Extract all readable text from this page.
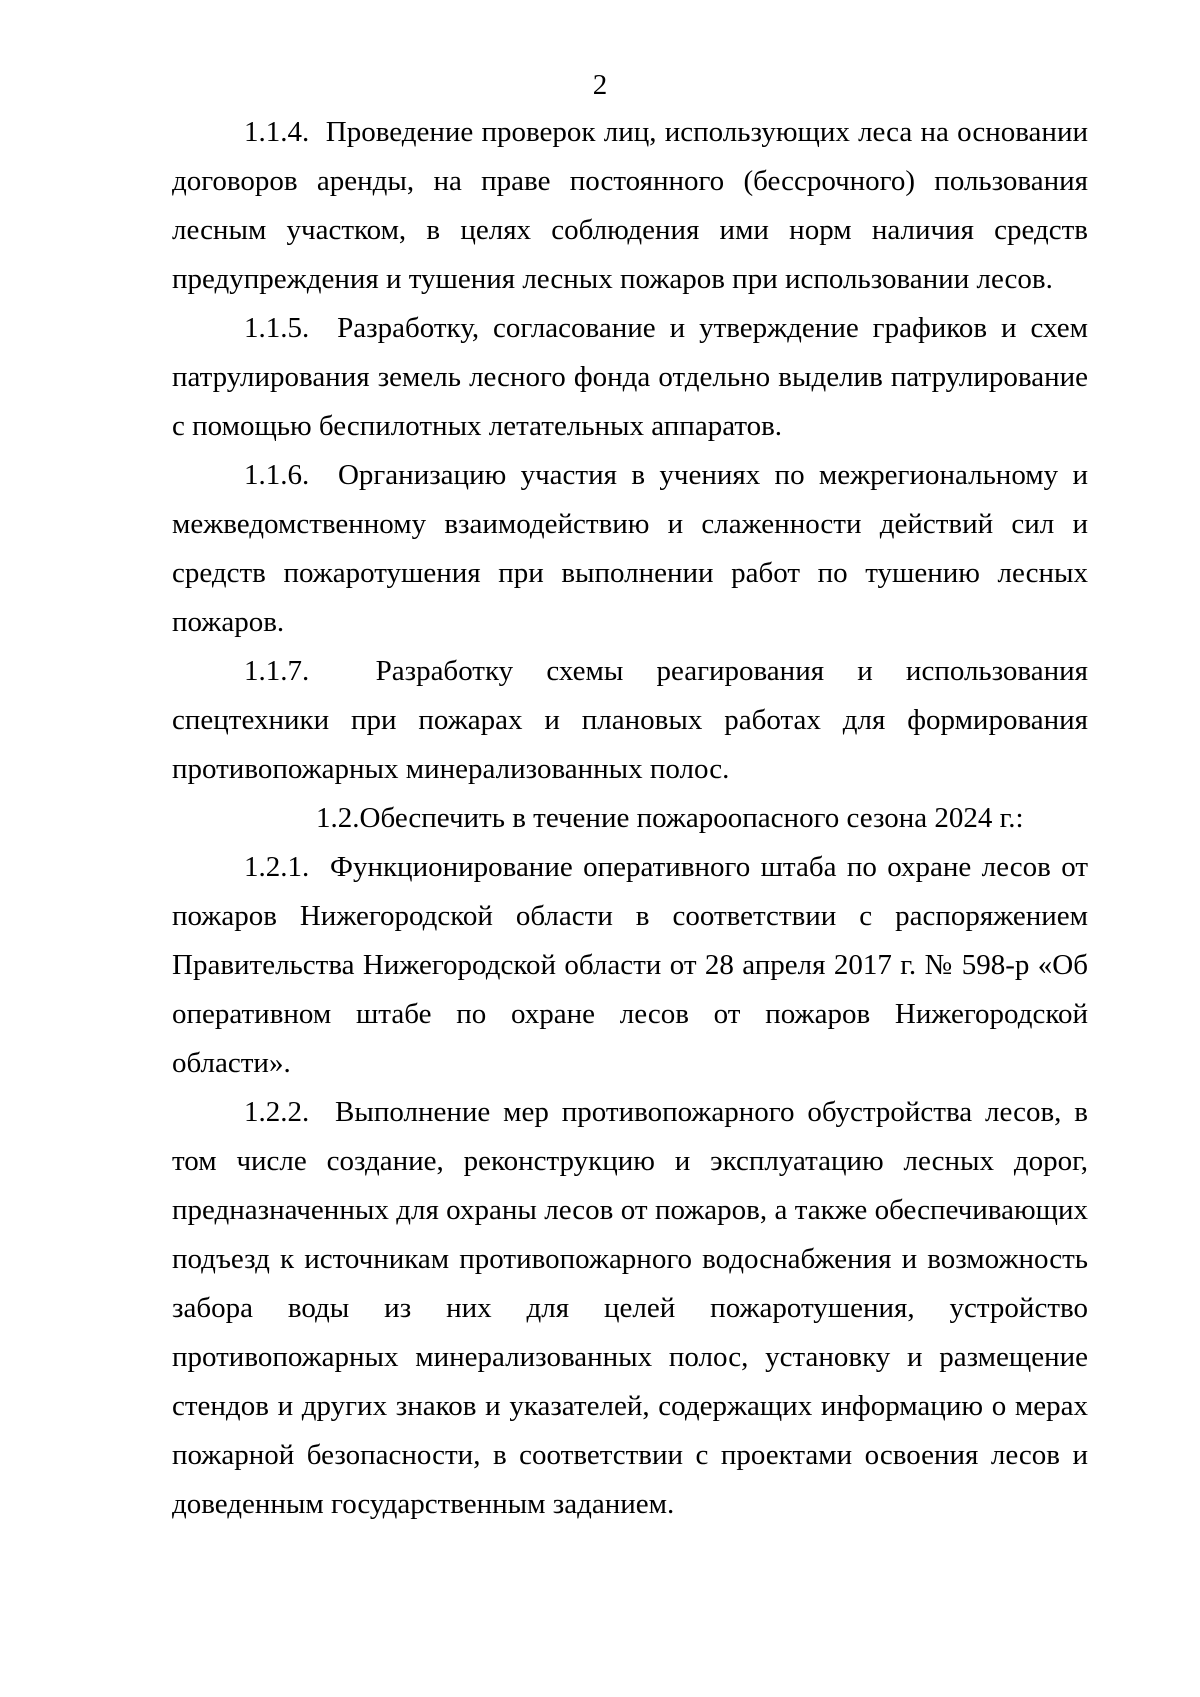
2

1.1.4. Проведение проверок лиц, использующих леса на основании договоров аренды, на праве постоянного (бессрочного) пользования лесным участком, в целях соблюдения ими норм наличия средств предупреждения и тушения лесных пожаров при использовании лесов.

1.1.5. Разработку, согласование и утверждение графиков и схем патрулирования земель лесного фонда отдельно выделив патрулирование с помощью беспилотных летательных аппаратов.

1.1.6. Организацию участия в учениях по межрегиональному и межведомственному взаимодействию и слаженности действий сил и средств пожаротушения при выполнении работ по тушению лесных пожаров.

1.1.7. Разработку схемы реагирования и использования спецтехники при пожарах и плановых работах для формирования противопожарных минерализованных полос.

1.2.Обеспечить в течение пожароопасного сезона 2024 г.:

1.2.1. Функционирование оперативного штаба по охране лесов от пожаров Нижегородской области в соответствии с распоряжением Правительства Нижегородской области от 28 апреля 2017 г. № 598-р «Об оперативном штабе по охране лесов от пожаров Нижегородской области».

1.2.2. Выполнение мер противопожарного обустройства лесов, в том числе создание, реконструкцию и эксплуатацию лесных дорог, предназначенных для охраны лесов от пожаров, а также обеспечивающих подъезд к источникам противопожарного водоснабжения и возможность забора воды из них для целей пожаротушения, устройство противопожарных минерализованных полос, установку и размещение стендов и других знаков и указателей, содержащих информацию о мерах пожарной безопасности, в соответствии с проектами освоения лесов и доведенным государственным заданием.
